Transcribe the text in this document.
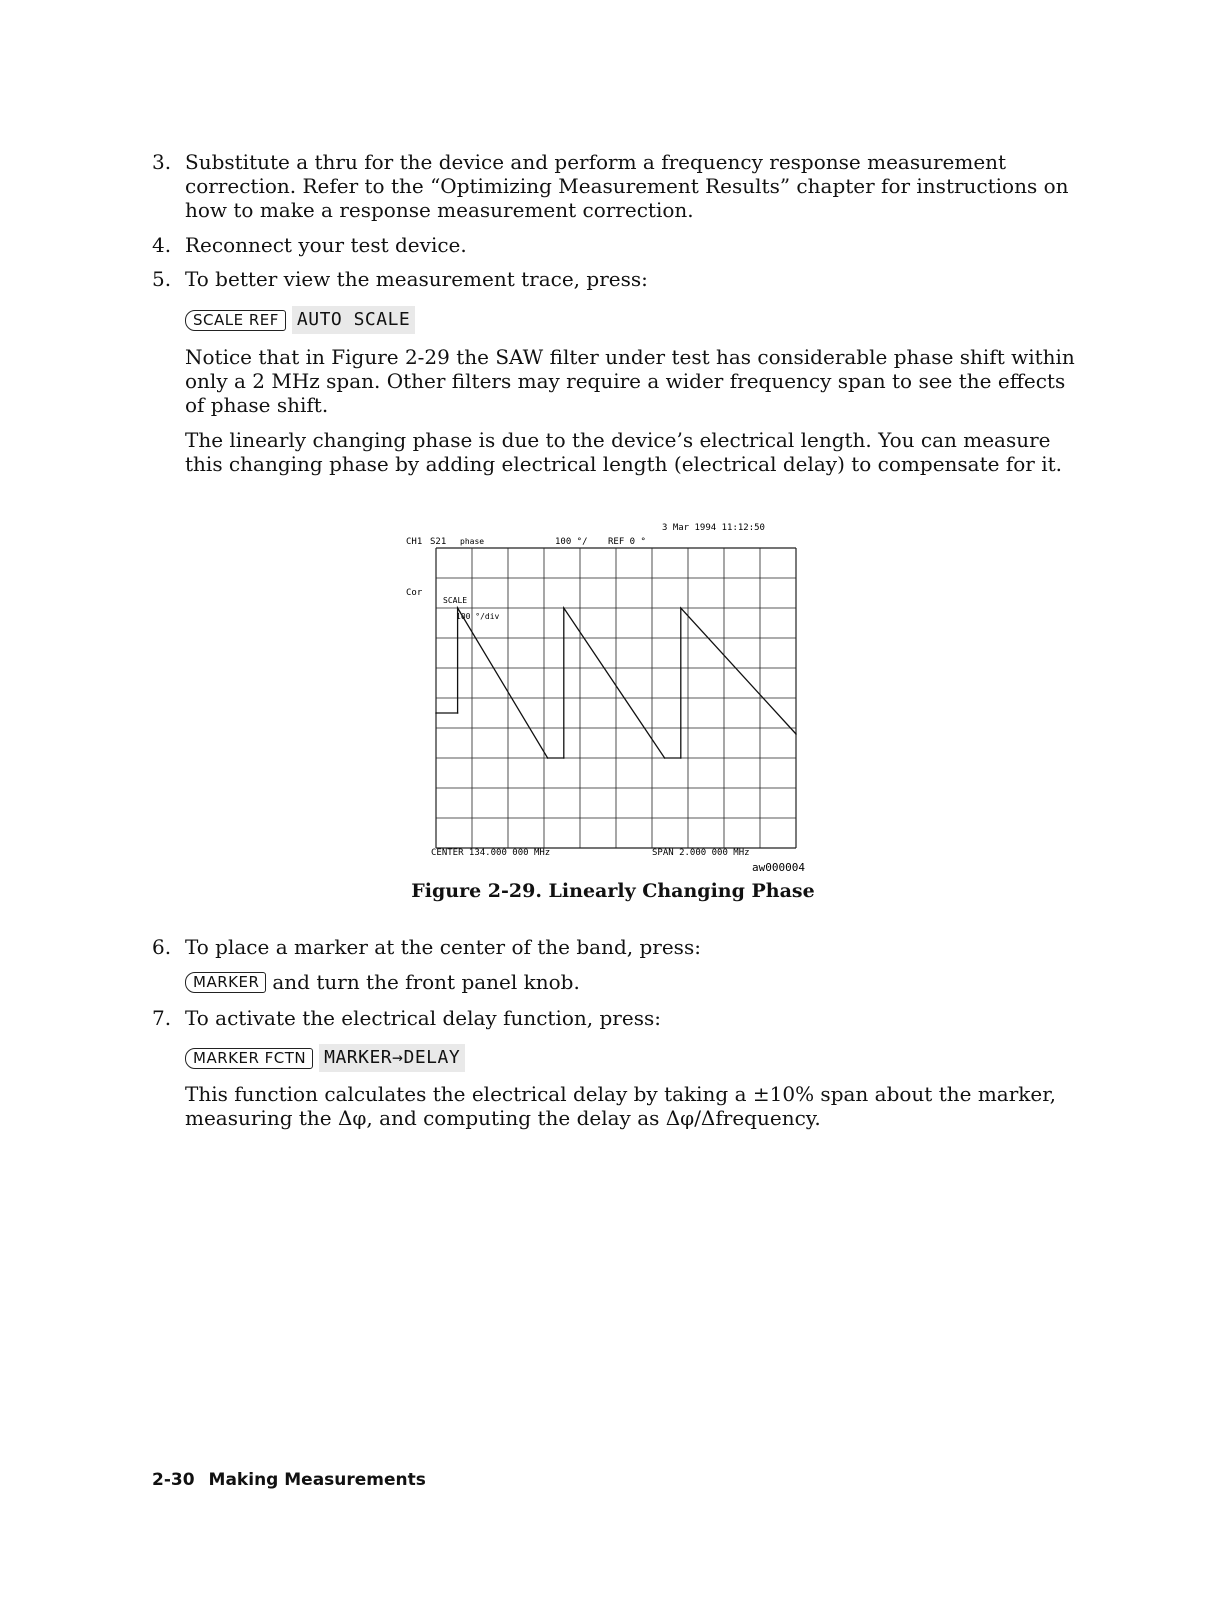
3. Substitute a thru for the device and perform a frequency response measurement correction. Refer to the “Optimizing Measurement Results” chapter for instructions on how to make a response measurement correction.
4. Reconnect your test device.
5. To better view the measurement trace, press:
SCALE REF	AUTO SCALE
Notice that in Figure 2-29 the SAW filter under test has considerable phase shift within only a 2 MHz span. Other filters may require a wider frequency span to see the effects of phase shift.
The linearly changing phase is due to the device’s electrical length. You can measure this changing phase by adding electrical length (electrical delay) to compensate for it.
3 Mar 1994 11:12:50
CH1 S21 phase	100 °/ REF 0 °
Cor
SCALE
100 °/div
CENTER 134.000 000 MHz	SPAN 2.000 000 MHz
aw000004
Figure 2-29. Linearly Changing Phase
6. To place a marker at the center of the band, press:
MARKER and turn the front panel knob.
7. To activate the electrical delay function, press:
MARKER FCTN	MARKER→DELAY
This function calculates the electrical delay by taking a ±10% span about the marker, measuring the Δφ, and computing the delay as Δφ/Δfrequency.
2-30 Making Measurements
